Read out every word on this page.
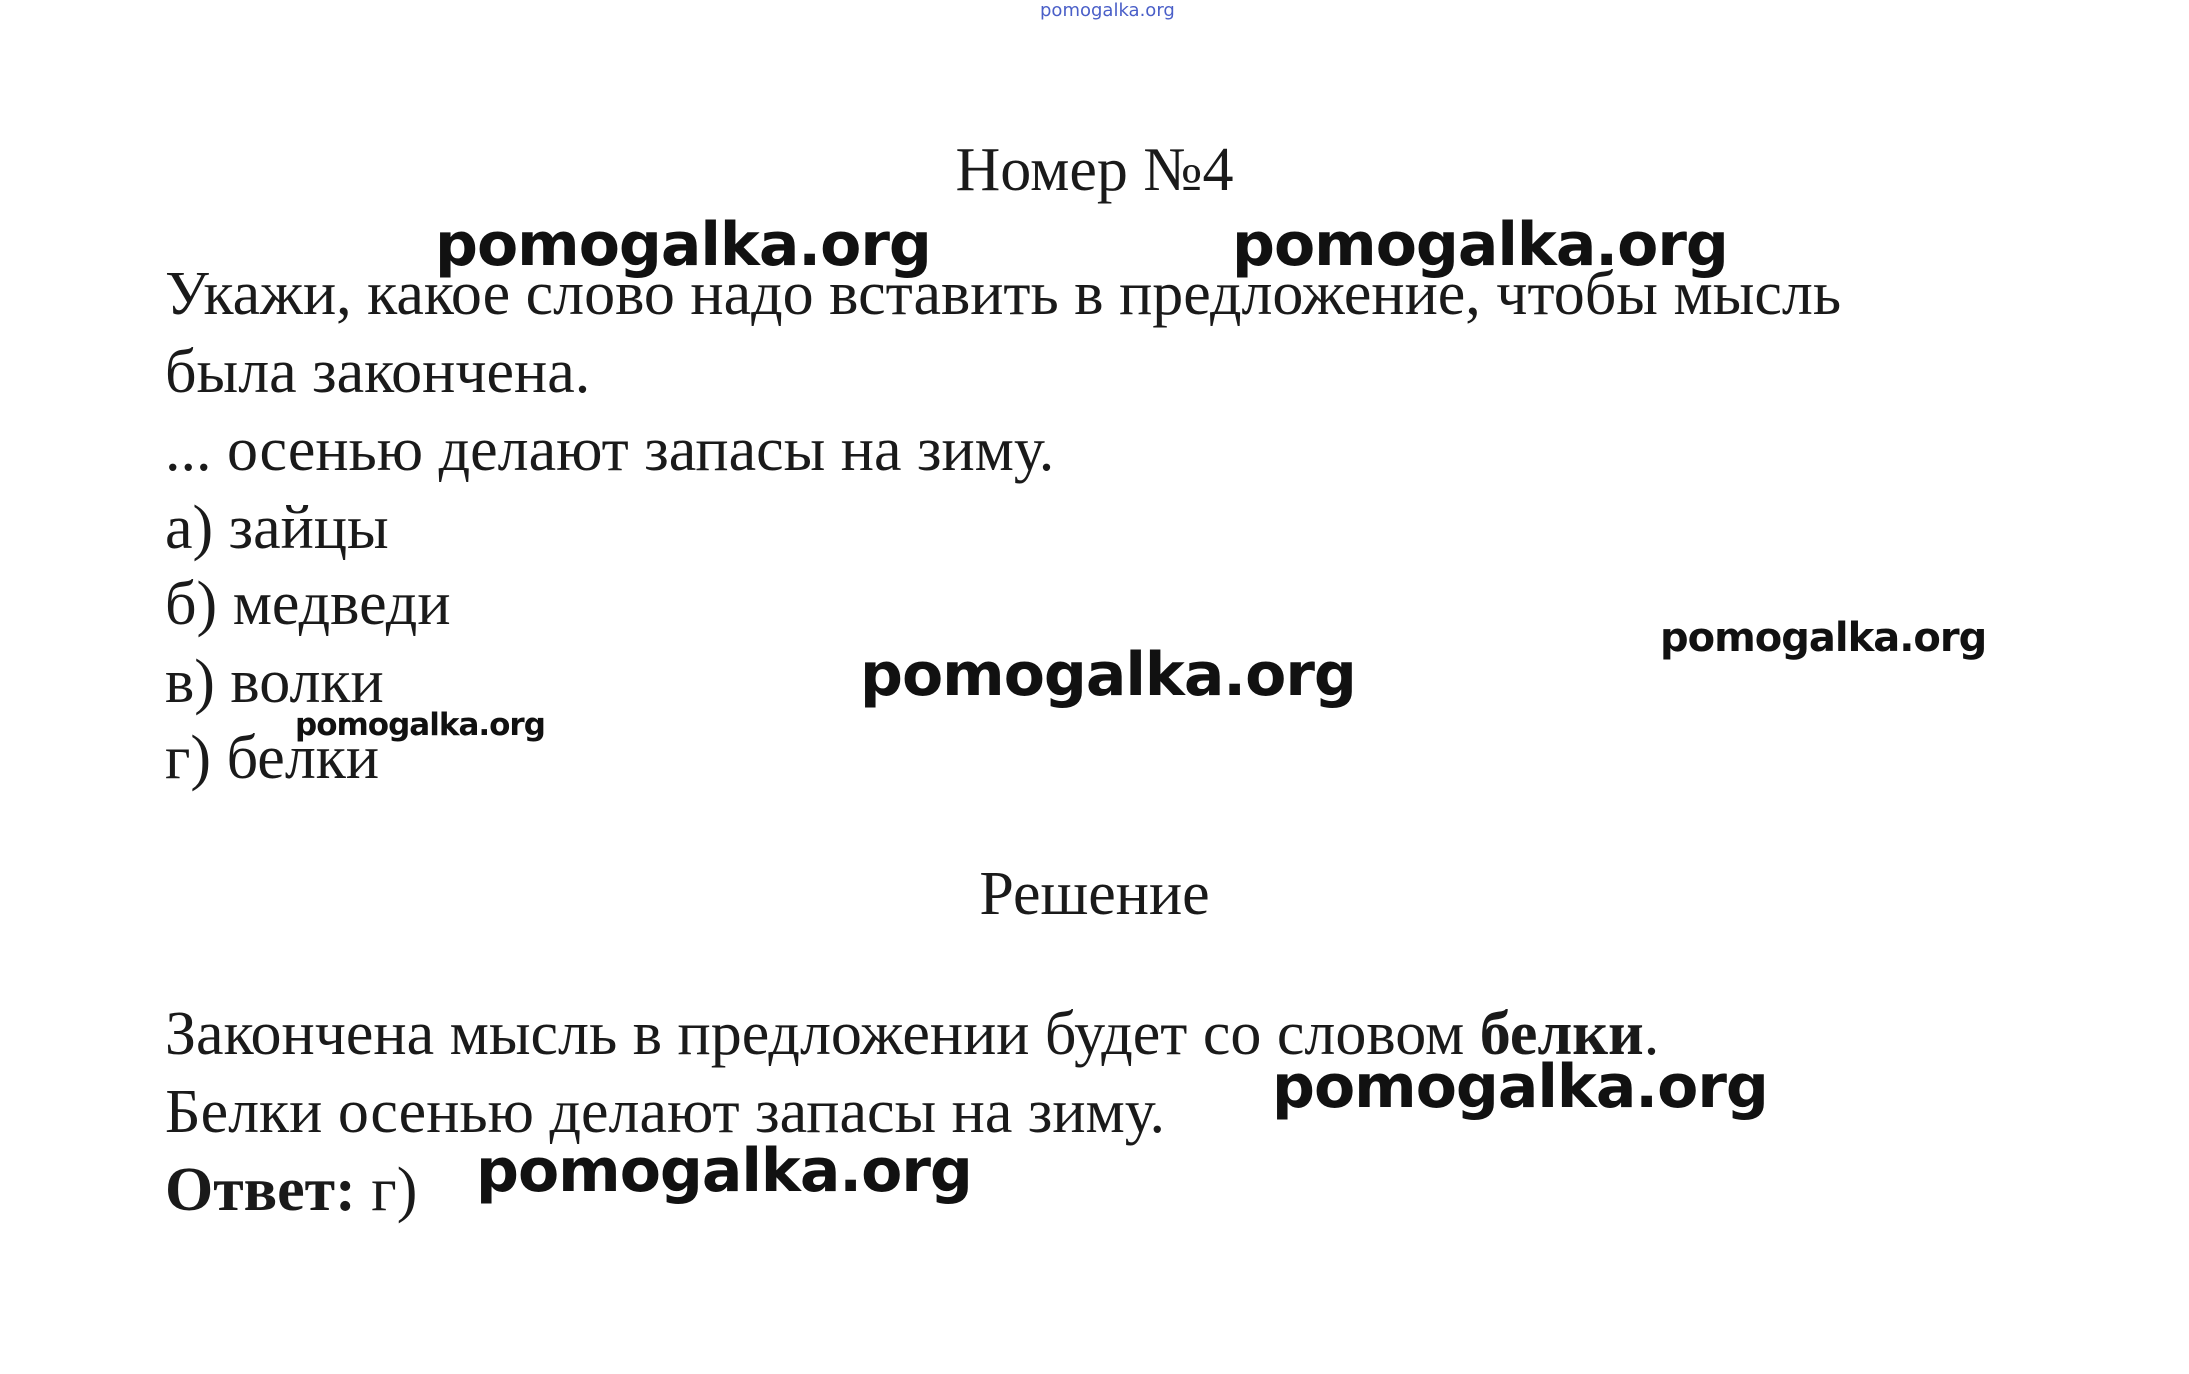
pomogalka.org
Номер №4
Укажи, какое слово надо вставить в предложение, чтобы мысль
была закончена.
... осенью делают запасы на зиму.
а) зайцы
б) медведи
в) волки
г) белки
Решение
Закончена мысль в предложении будет со словом белки.
Белки осенью делают запасы на зиму.
Ответ: г)
pomogalka.org	pomogalka.org
pomogalka.org
pomogalka.org
pomogalka.org
pomogalka.org
pomogalka.org
